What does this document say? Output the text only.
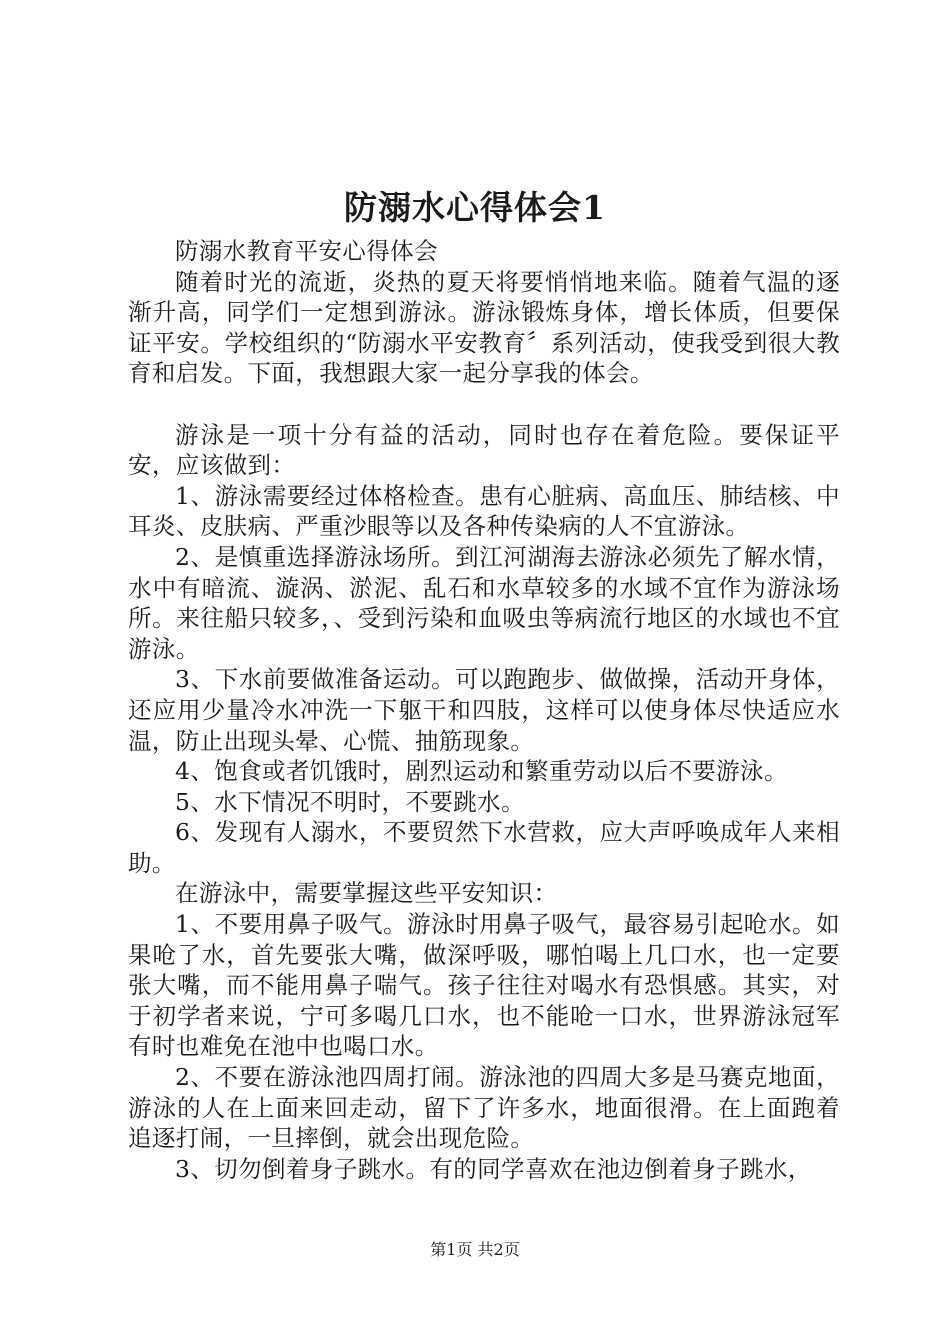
防溺水心得体会1

防溺水教育平安心得体会

随着时光的流逝，炎热的夏天将要悄悄地来临。随着气温的逐渐升高，同学们一定想到游泳。游泳锻炼身体，增长体质，但要保证平安。学校组织的“防溺水平安教育〞系列活动，使我受到很大教育和启发。下面，我想跟大家一起分享我的体会。

游泳是一项十分有益的活动，同时也存在着危险。要保证平安，应该做到：

1、游泳需要经过体格检查。患有心脏病、高血压、肺结核、中耳炎、皮肤病、严重沙眼等以及各种传染病的人不宜游泳。

2、是慎重选择游泳场所。到江河湖海去游泳必须先了解水情，水中有暗流、漩涡、淤泥、乱石和水草较多的水域不宜作为游泳场所。来往船只较多，、受到污染和血吸虫等病流行地区的水域也不宜游泳。

3、下水前要做准备运动。可以跑跑步、做做操，活动开身体，还应用少量冷水冲洗一下躯干和四肢，这样可以使身体尽快适应水温，防止出现头晕、心慌、抽筋现象。

4、饱食或者饥饿时，剧烈运动和繁重劳动以后不要游泳。

5、水下情况不明时，不要跳水。

6、发现有人溺水，不要贸然下水营救，应大声呼唤成年人来相助。

在游泳中，需要掌握这些平安知识：

1、不要用鼻子吸气。游泳时用鼻子吸气，最容易引起呛水。如果呛了水，首先要张大嘴，做深呼吸，哪怕喝上几口水，也一定要张大嘴，而不能用鼻子喘气。孩子往往对喝水有恐惧感。其实，对于初学者来说，宁可多喝几口水，也不能呛一口水，世界游泳冠军有时也难免在池中也喝口水。

2、不要在游泳池四周打闹。游泳池的四周大多是马赛克地面，游泳的人在上面来回走动，留下了许多水，地面很滑。在上面跑着追逐打闹，一旦摔倒，就会出现危险。

3、切勿倒着身子跳水。有的同学喜欢在池边倒着身子跳水，

第1页 共2页
